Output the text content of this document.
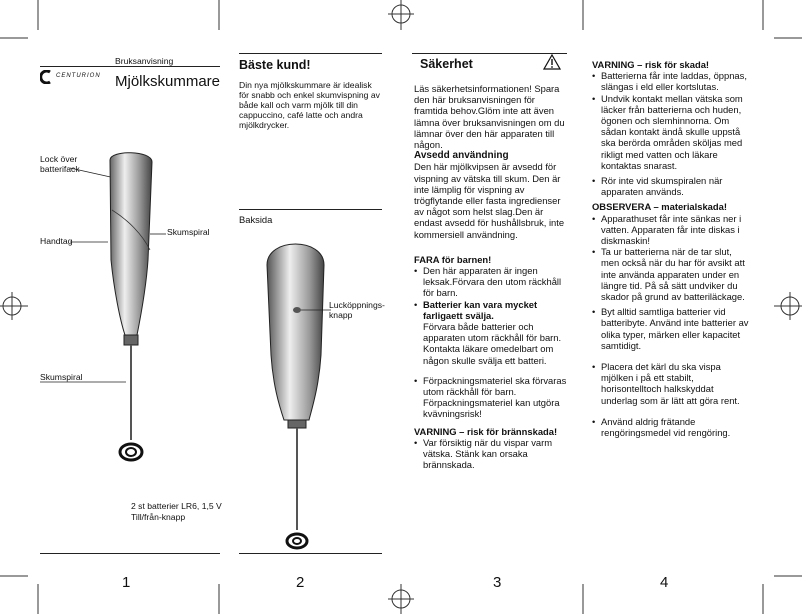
Bruksanvisning
CENTURION Mjölkskummare
Lock över batterifack
Handtag
Skumspiral
Skumspiral
2 st batterier LR6, 1,5 V
Till/från-knapp
1
Bäste kund!
Din nya mjölkskummare är idealisk för snabb och enkel skumvispning av både kall och varm mjölk till din cappuccino, café latte och andra mjölkdrycker.
Baksida
Lucköppnings-knapp
2
Säkerhet

Läs säkerhetsinformationen! Spara den här bruksanvisningen för framtida behov.Glöm inte att även lämna över bruksanvisningen om du lämnar över den här apparaten till någon.

Avsedd användning

Den här mjölkvipsen är avsedd för vispning av vätska till skum. Den är inte lämplig för vispning av trögflytande eller fasta ingredienser av något som helst slag.Den är endast avsedd för hushållsbruk, inte kommersiell användning.

FARA för barnen!

• Den här apparaten är ingen leksak.Förvara den utom räckhåll för barn.
• Batterier kan vara mycket farligaett svälja.
Förvara både batterier och apparaten utom räckhåll för barn. Kontakta läkare omedelbart om någon skulle svälja ett batteri.
• Förpackningsmateriel ska förvaras utom räckhåll för barn. Förpackningsmateriel kan utgöra kvävningsrisk!

VARNING – risk för brännskada!

• Var försiktig när du vispar varm vätska. Stänk kan orsaka brännskada.
3

VARNING – risk för skada!

• Batterierna får inte laddas, öppnas, slängas i eld eller kortslutas.
• Undvik kontakt mellan vätska som läcker från batterierna och huden, ögonen och slemhinnorna. Om sådan kontakt ändå skulle uppstå ska berörda områden sköljas med rikligt med vatten och läkare kontaktas snarast.
• Rör inte vid skumspiralen när apparaten används.

OBSERVERA – materialskada!

• Apparathuset får inte sänkas ner i vatten. Apparaten får inte diskas i diskmaskin!
• Ta ur batterierna när de tar slut, men också när du har för avsikt att inte använda apparaten under en längre tid. På så sätt undviker du skador på grund av batteriläckage.
• Byt alltid samtliga batterier vid batteribyte. Använd inte batterier av olika typer, märken eller kapacitet samtidigt.
• Placera det kärl du ska vispa mjölken i på ett stabilt, horisontelltoch halkskyddat underlag som är lätt att göra rent.
• Använd aldrig frätande rengöringsmedel vid rengöring.
4
